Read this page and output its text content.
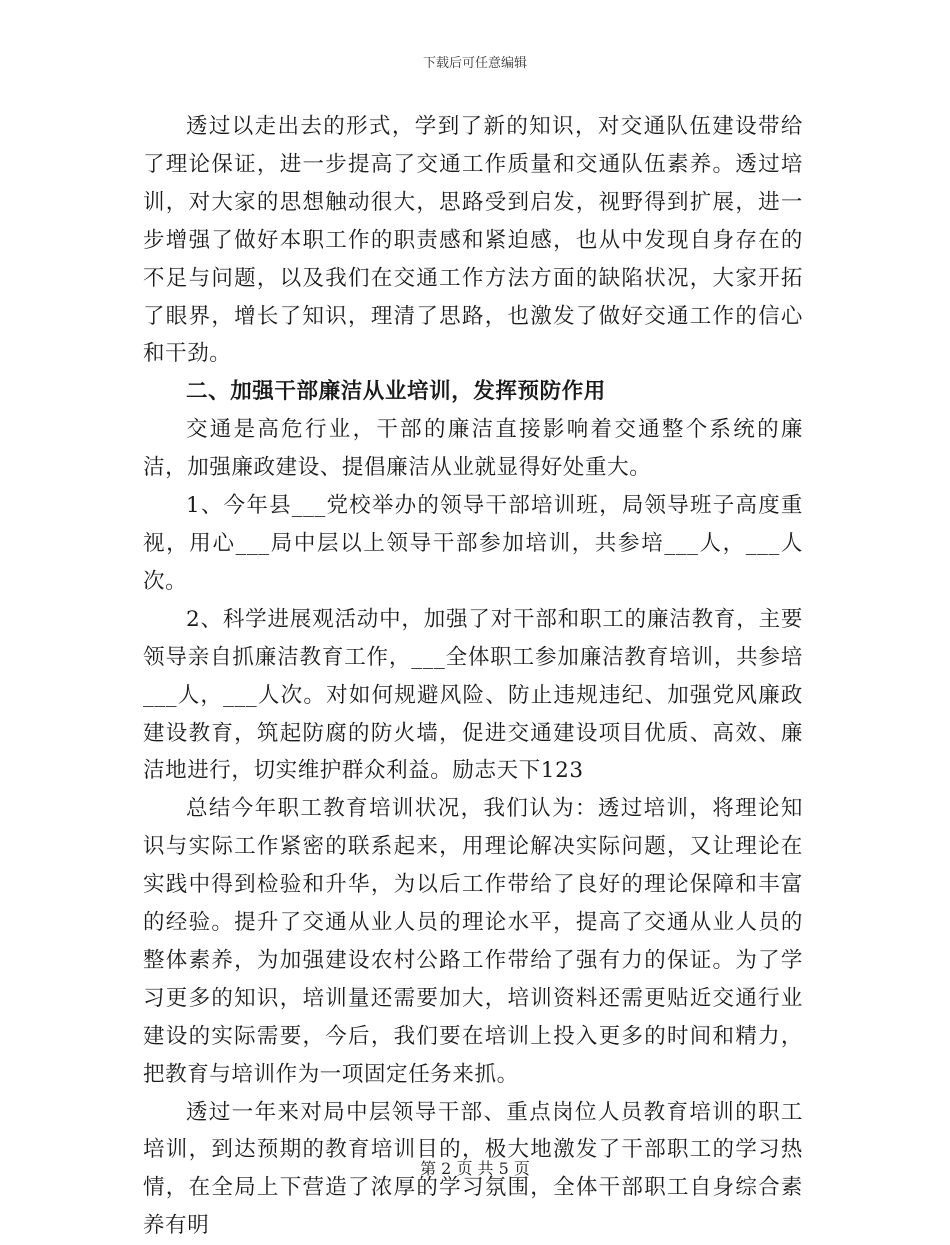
下载后可任意编辑

透过以走出去的形式，学到了新的知识，对交通队伍建设带给了理论保证，进一步提高了交通工作质量和交通队伍素养。透过培训，对大家的思想触动很大，思路受到启发，视野得到扩展，进一步增强了做好本职工作的职责感和紧迫感，也从中发现自身存在的不足与问题，以及我们在交通工作方法方面的缺陷状况，大家开拓了眼界，增长了知识，理清了思路，也激发了做好交通工作的信心和干劲。

二、加强干部廉洁从业培训，发挥预防作用

交通是高危行业，干部的廉洁直接影响着交通整个系统的廉洁，加强廉政建设、提倡廉洁从业就显得好处重大。

1、今年县___党校举办的领导干部培训班，局领导班子高度重视，用心___局中层以上领导干部参加培训，共参培___人，___人次。

2、科学进展观活动中，加强了对干部和职工的廉洁教育，主要领导亲自抓廉洁教育工作，___全体职工参加廉洁教育培训，共参培___人，___人次。对如何规避风险、防止违规违纪、加强党风廉政建设教育，筑起防腐的防火墙，促进交通建设项目优质、高效、廉洁地进行，切实维护群众利益。励志天下123

总结今年职工教育培训状况，我们认为：透过培训，将理论知识与实际工作紧密的联系起来，用理论解决实际问题，又让理论在实践中得到检验和升华，为以后工作带给了良好的理论保障和丰富的经验。提升了交通从业人员的理论水平，提高了交通从业人员的整体素养，为加强建设农村公路工作带给了强有力的保证。为了学习更多的知识，培训量还需要加大，培训资料还需更贴近交通行业建设的实际需要，今后，我们要在培训上投入更多的时间和精力，把教育与培训作为一项固定任务来抓。

透过一年来对局中层领导干部、重点岗位人员教育培训的职工培训，到达预期的教育培训目的，极大地激发了干部职工的学习热情，在全局上下营造了浓厚的学习氛围，全体干部职工自身综合素养有明

第 2 页 共 5 页
